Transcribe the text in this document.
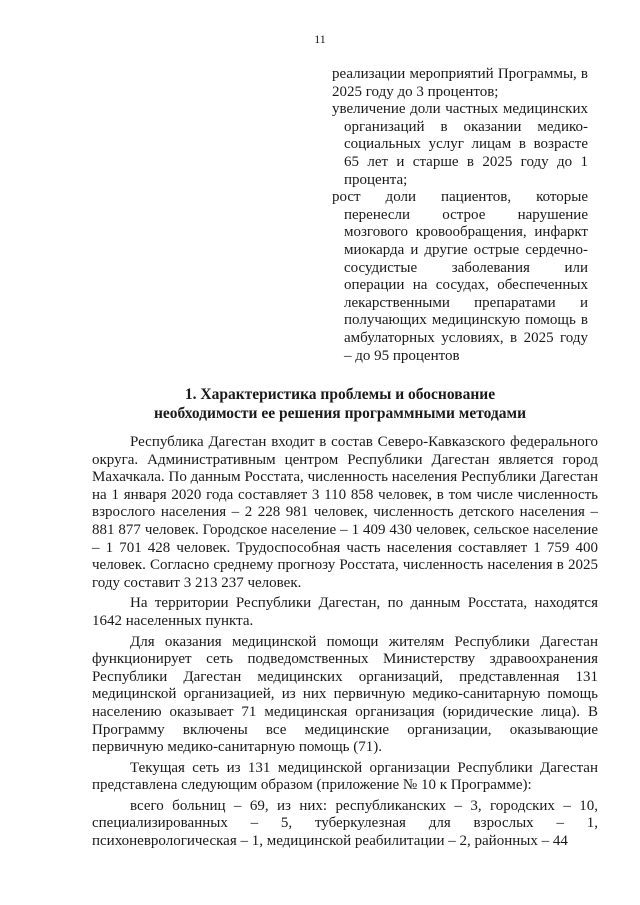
11

реализации мероприятий Программы, в 2025 году до 3 процентов;

увеличение доли частных медицинских организаций в оказании медико-социальных услуг лицам в возрасте 65 лет и старше в 2025 году до 1 процента;

рост доли пациентов, которые перенесли острое нарушение мозгового кровообращения, инфаркт миокарда и другие острые сердечно-сосудистые заболевания или операции на сосудах, обеспеченных лекарственными препаратами и получающих медицинскую помощь в амбулаторных условиях, в 2025 году – до 95 процентов

1. Характеристика проблемы и обоснование
необходимости ее решения программными методами

Республика Дагестан входит в состав Северо-Кавказского федерального округа. Административным центром Республики Дагестан является город Махачкала. По данным Росстата, численность населения Республики Дагестан на 1 января 2020 года составляет 3 110 858 человек, в том числе численность взрослого населения – 2 228 981 человек, численность детского населения – 881 877 человек. Городское население – 1 409 430 человек, сельское население – 1 701 428 человек. Трудоспособная часть населения составляет 1 759 400 человек. Согласно среднему прогнозу Росстата, численность населения в 2025 году составит 3 213 237 человек.

На территории Республики Дагестан, по данным Росстата, находятся 1642 населенных пункта.

Для оказания медицинской помощи жителям Республики Дагестан функционирует сеть подведомственных Министерству здравоохранения Республики Дагестан медицинских организаций, представленная 131 медицинской организацией, из них первичную медико-санитарную помощь населению оказывает 71 медицинская организация (юридические лица). В Программу включены все медицинские организации, оказывающие первичную медико-санитарную помощь (71).

Текущая сеть из 131 медицинской организации Республики Дагестан представлена следующим образом (приложение № 10 к Программе):

всего больниц – 69, из них: республиканских – 3, городских – 10, специализированных – 5, туберкулезная для взрослых – 1, психоневрологическая – 1, медицинской реабилитации – 2, районных – 44
